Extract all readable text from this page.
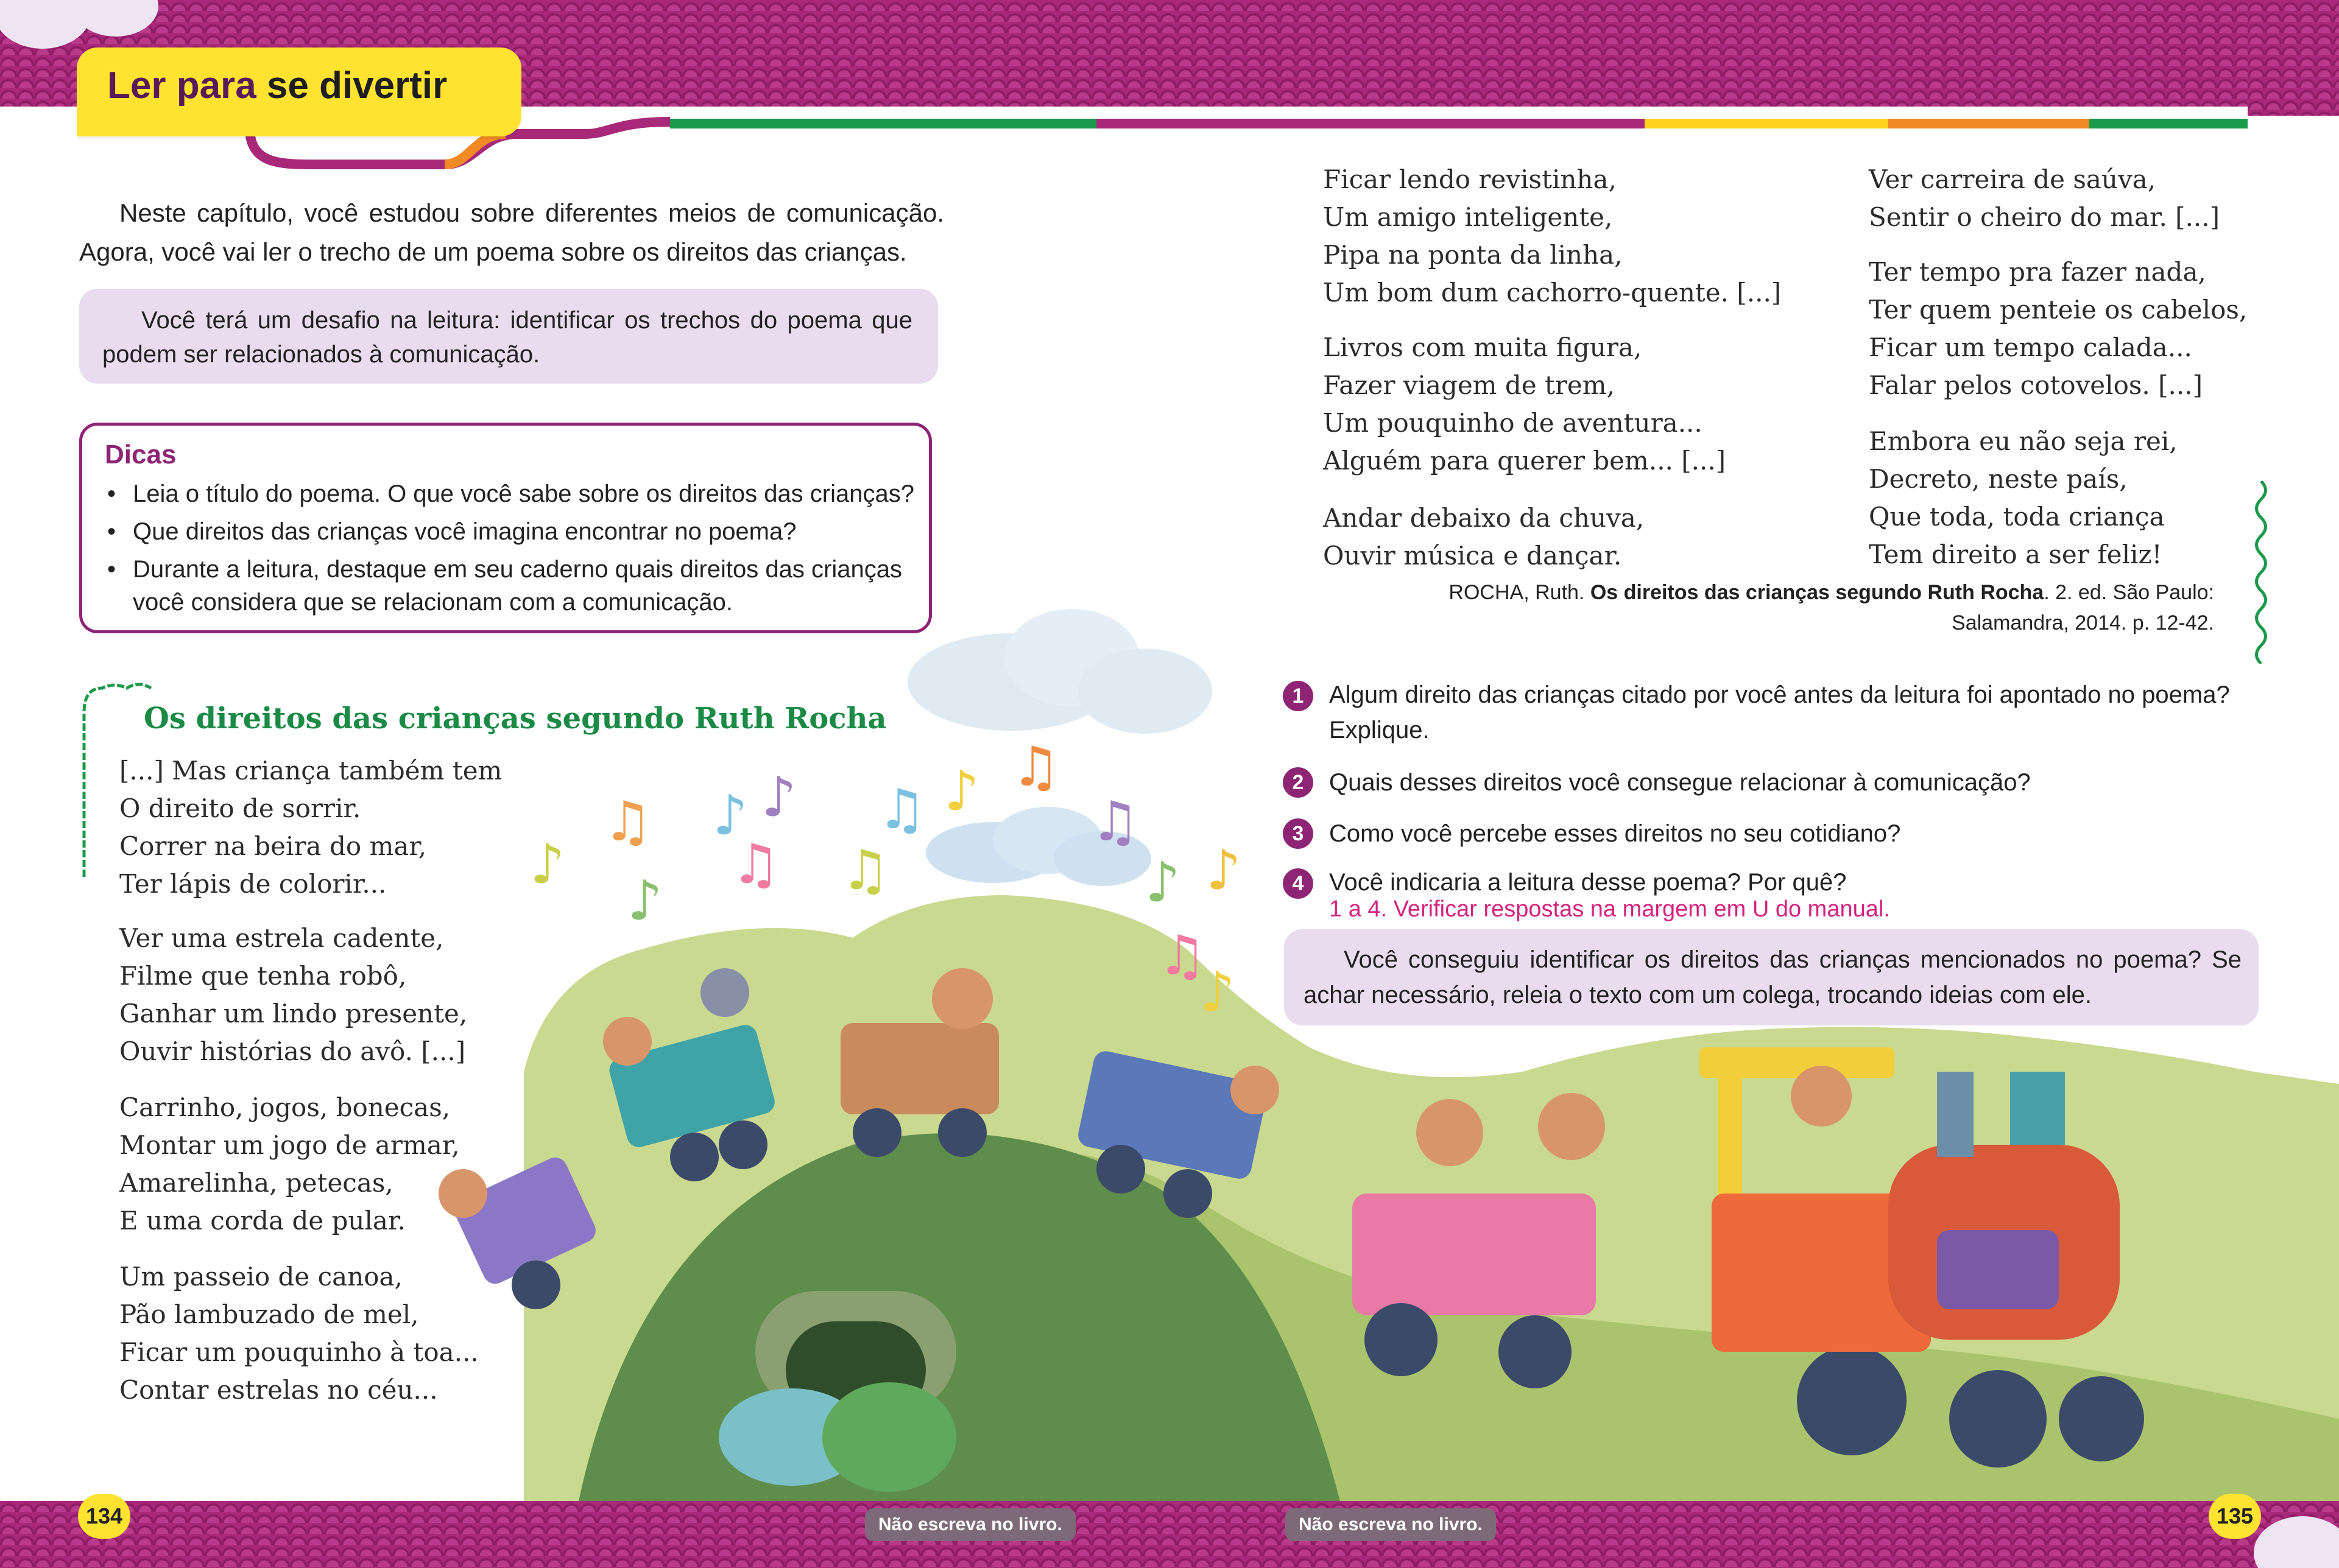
Ler para se divertir

Neste capítulo, você estudou sobre diferentes meios de comunicação. Agora, você vai ler o trecho de um poema sobre os direitos das crianças.

Você terá um desafio na leitura: identificar os trechos do poema que podem ser relacionados à comunicação.

Dicas
• Leia o título do poema. O que você sabe sobre os direitos das crianças?
• Que direitos das crianças você imagina encontrar no poema?
• Durante a leitura, destaque em seu caderno quais direitos das crianças você considera que se relacionam com a comunicação.
♪
♫ ♪ ♪
♪
♫
♫ ♪ ♫
♫
♫
♪ ♪
♫
♪
Os direitos das crianças segundo Ruth Rocha
[...] Mas criança também tem
O direito de sorrir.
Correr na beira do mar,
Ter lápis de colorir...
Ver uma estrela cadente,
Filme que tenha robô,
Ganhar um lindo presente,
Ouvir histórias do avô. [...]
Carrinho, jogos, bonecas,
Montar um jogo de armar,
Amarelinha, petecas,
E uma corda de pular.
Um passeio de canoa,
Pão lambuzado de mel,
Ficar um pouquinho à toa...
Contar estrelas no céu...
Ficar lendo revistinha,
Um amigo inteligente,
Pipa na ponta da linha,
Um bom dum cachorro-quente. [...]
Livros com muita figura,
Fazer viagem de trem,
Um pouquinho de aventura...
Alguém para querer bem... [...]
Andar debaixo da chuva,
Ouvir música e dançar.
Ver carreira de saúva,
Sentir o cheiro do mar. [...]
Ter tempo pra fazer nada,
Ter quem penteie os cabelos,
Ficar um tempo calada...
Falar pelos cotovelos. [...]
Embora eu não seja rei,
Decreto, neste país,
Que toda, toda criança
Tem direito a ser feliz!
ROCHA, Ruth. Os direitos das crianças segundo Ruth Rocha. 2. ed. São Paulo:
Salamandra, 2014. p. 12-42.
1	Algum direito das crianças citado por você antes da leitura foi apontado no poema? Explique.
2	Quais desses direitos você consegue relacionar à comunicação?
3	Como você percebe esses direitos no seu cotidiano?
4	Você indicaria a leitura desse poema? Por quê?
1 a 4. Verificar respostas na margem em U do manual.

Você conseguiu identificar os direitos das crianças mencionados no poema? Se achar necessário, releia o texto com um colega, trocando ideias com ele.

134	135
Não escreva no livro.	Não escreva no livro.
